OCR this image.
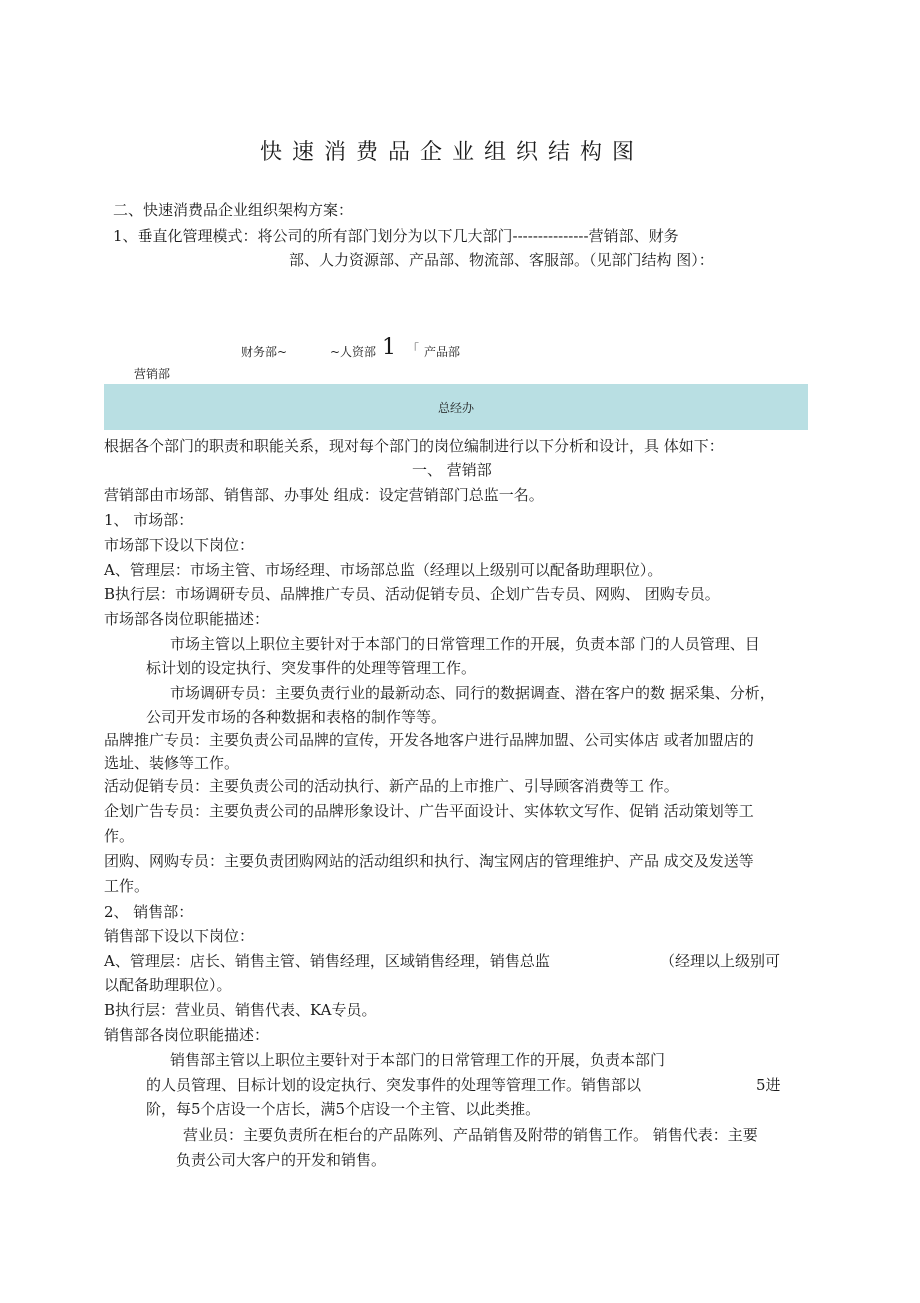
快速消费品企业组织结构图
二、快速消费品企业组织架构方案：
1、垂直化管理模式：将公司的所有部门划分为以下几大部门---------------营销部、财务
部、人力资源部、产品部、物流部、客服部。（见部门结构 图）：
财务部~	~人资部 1 「 产品部
营销部
总经办
根据各个部门的职责和职能关系，现对每个部门的岗位编制进行以下分析和设计，具 体如下：
一、 营销部
营销部由市场部、销售部、办事处 组成：设定营销部门总监一名。
1、 市场部：
市场部下设以下岗位：
A、管理层：市场主管、市场经理、市场部总监（经理以上级别可以配备助理职位）。
B执行层：市场调研专员、品牌推广专员、活动促销专员、企划广告专员、网购、 团购专员。
市场部各岗位职能描述：
市场主管以上职位主要针对于本部门的日常管理工作的开展，负责本部 门的人员管理、目
标计划的设定执行、突发事件的处理等管理工作。
市场调研专员：主要负责行业的最新动态、同行的数据调查、潜在客户的数 据采集、分析，
公司开发市场的各种数据和表格的制作等等。
品牌推广专员：主要负责公司品牌的宣传，开发各地客户进行品牌加盟、公司实体店 或者加盟店的
选址、装修等工作。
活动促销专员：主要负责公司的活动执行、新产品的上市推广、引导顾客消费等工 作。
企划广告专员：主要负责公司的品牌形象设计、广告平面设计、实体软文写作、促销 活动策划等工
作。
团购、网购专员：主要负责团购网站的活动组织和执行、淘宝网店的管理维护、产品 成交及发送等
工作。
2、 销售部：
销售部下设以下岗位：
A、管理层：店长、销售主管、销售经理，区域销售经理，销售总监	（经理以上级别可
以配备助理职位）。
B执行层：营业员、销售代表、KA专员。
销售部各岗位职能描述：
销售部主管以上职位主要针对于本部门的日常管理工作的开展，负责本部门
的人员管理、目标计划的设定执行、突发事件的处理等管理工作。销售部以	5进
阶，每5个店设一个店长，满5个店设一个主管、以此类推。
营业员：主要负责所在柜台的产品陈列、产品销售及附带的销售工作。 销售代表：主要
负责公司大客户的开发和销售。
